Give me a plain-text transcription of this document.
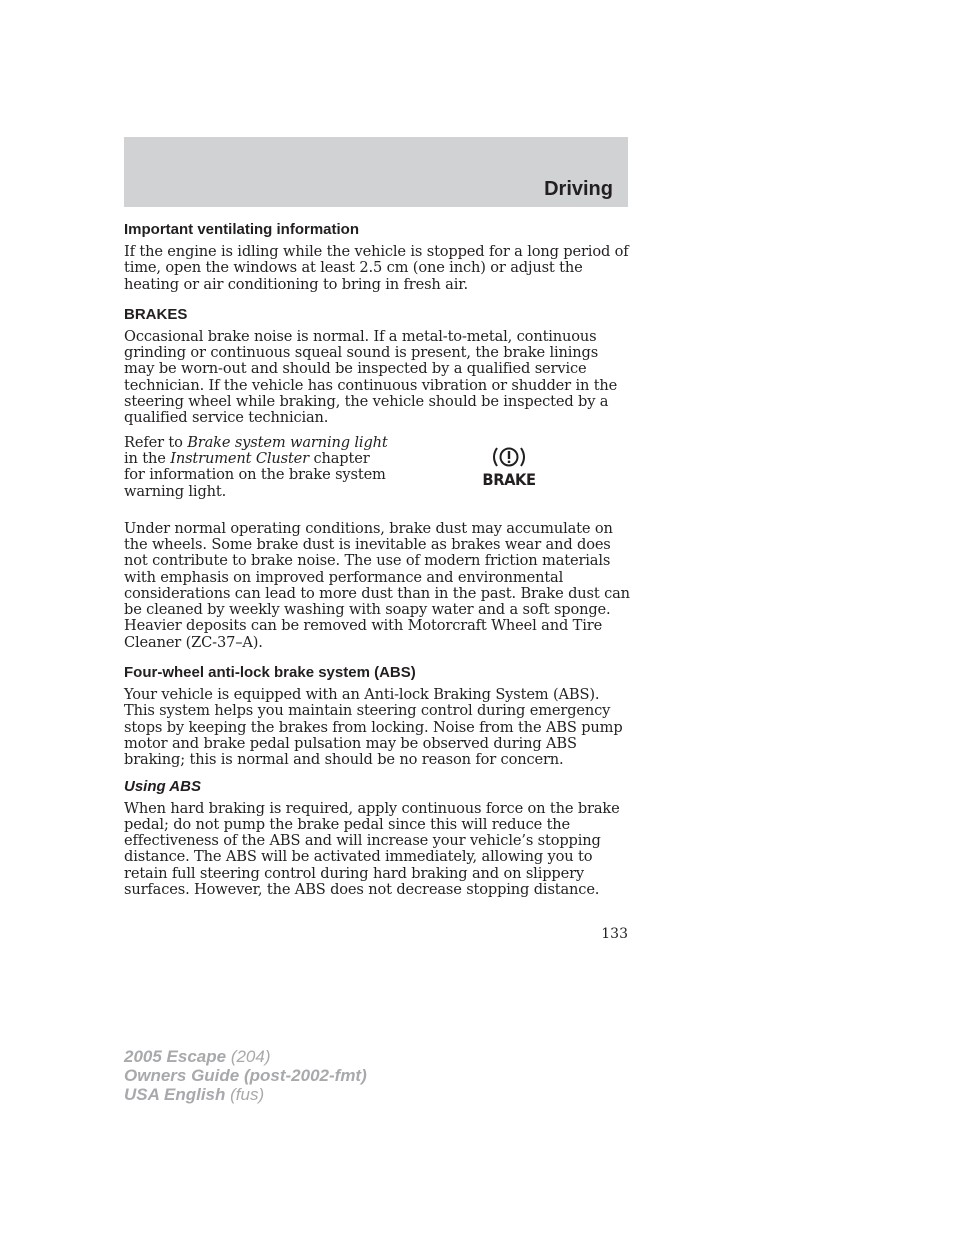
Driving
Important ventilating information

If the engine is idling while the vehicle is stopped for a long period of time, open the windows at least 2.5 cm (one inch) or adjust the heating or air conditioning to bring in fresh air.

BRAKES

Occasional brake noise is normal. If a metal-to-metal, continuous grinding or continuous squeal sound is present, the brake linings may be worn-out and should be inspected by a qualified service technician. If the vehicle has continuous vibration or shudder in the steering wheel while braking, the vehicle should be inspected by a qualified service technician.

Refer to Brake system warning light in the Instrument Cluster chapter for information on the brake system warning light.

BRAKE

Under normal operating conditions, brake dust may accumulate on the wheels. Some brake dust is inevitable as brakes wear and does not contribute to brake noise. The use of modern friction materials with emphasis on improved performance and environmental considerations can lead to more dust than in the past. Brake dust can be cleaned by weekly washing with soapy water and a soft sponge. Heavier deposits can be removed with Motorcraft Wheel and Tire Cleaner (ZC-37–A).

Four-wheel anti-lock brake system (ABS)

Your vehicle is equipped with an Anti-lock Braking System (ABS). This system helps you maintain steering control during emergency stops by keeping the brakes from locking. Noise from the ABS pump motor and brake pedal pulsation may be observed during ABS braking; this is normal and should be no reason for concern.

Using ABS

When hard braking is required, apply continuous force on the brake pedal; do not pump the brake pedal since this will reduce the effectiveness of the ABS and will increase your vehicle’s stopping distance. The ABS will be activated immediately, allowing you to retain full steering control during hard braking and on slippery surfaces. However, the ABS does not decrease stopping distance.

133
2005 Escape (204)
Owners Guide (post-2002-fmt)
USA English (fus)
